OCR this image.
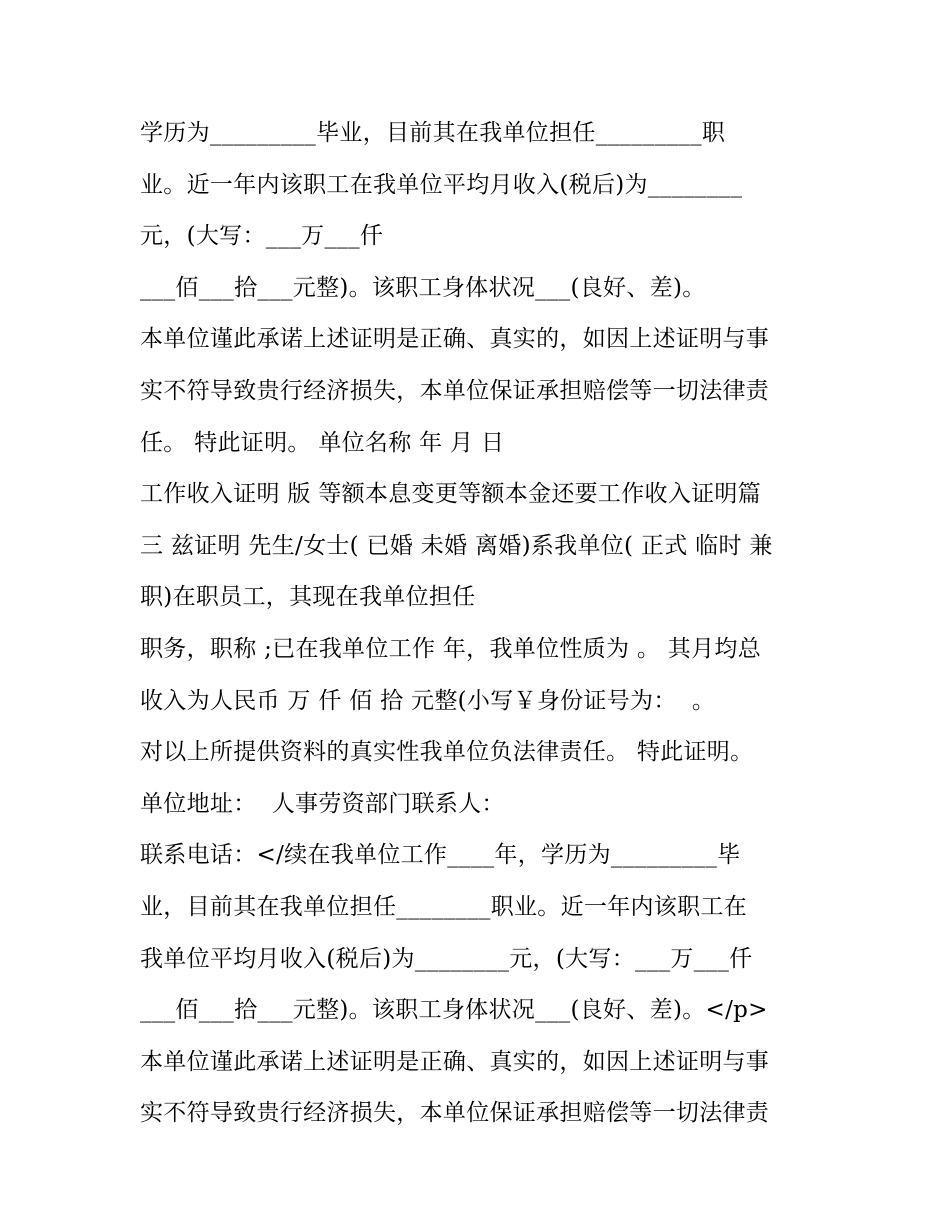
学历为_________毕业，目前其在我单位担任_________职
业。近一年内该职工在我单位平均月收入(税后)为________
元，(大写：___万___仟
___佰___拾___元整)。该职工身体状况___(良好、差)。
本单位谨此承诺上述证明是正确、真实的，如因上述证明与事
实不符导致贵行经济损失，本单位保证承担赔偿等一切法律责
任。 特此证明。 单位名称 年 月 日
工作收入证明 版 等额本息变更等额本金还要工作收入证明篇
三 兹证明 先生/女士( 已婚 未婚 离婚)系我单位( 正式 临时 兼
职)在职员工，其现在我单位担任
职务，职称 ;已在我单位工作 年，我单位性质为 。 其月均总
收入为人民币 万 仟 佰 拾 元整(小写￥身份证号为：  。
对以上所提供资料的真实性我单位负法律责任。 特此证明。
单位地址：  人事劳资部门联系人：
联系电话：</续在我单位工作____年，学历为_________毕
业，目前其在我单位担任________职业。近一年内该职工在
我单位平均月收入(税后)为________元，(大写：___万___仟
___佰___拾___元整)。该职工身体状况___(良好、差)。</p>
本单位谨此承诺上述证明是正确、真实的，如因上述证明与事
实不符导致贵行经济损失，本单位保证承担赔偿等一切法律责
